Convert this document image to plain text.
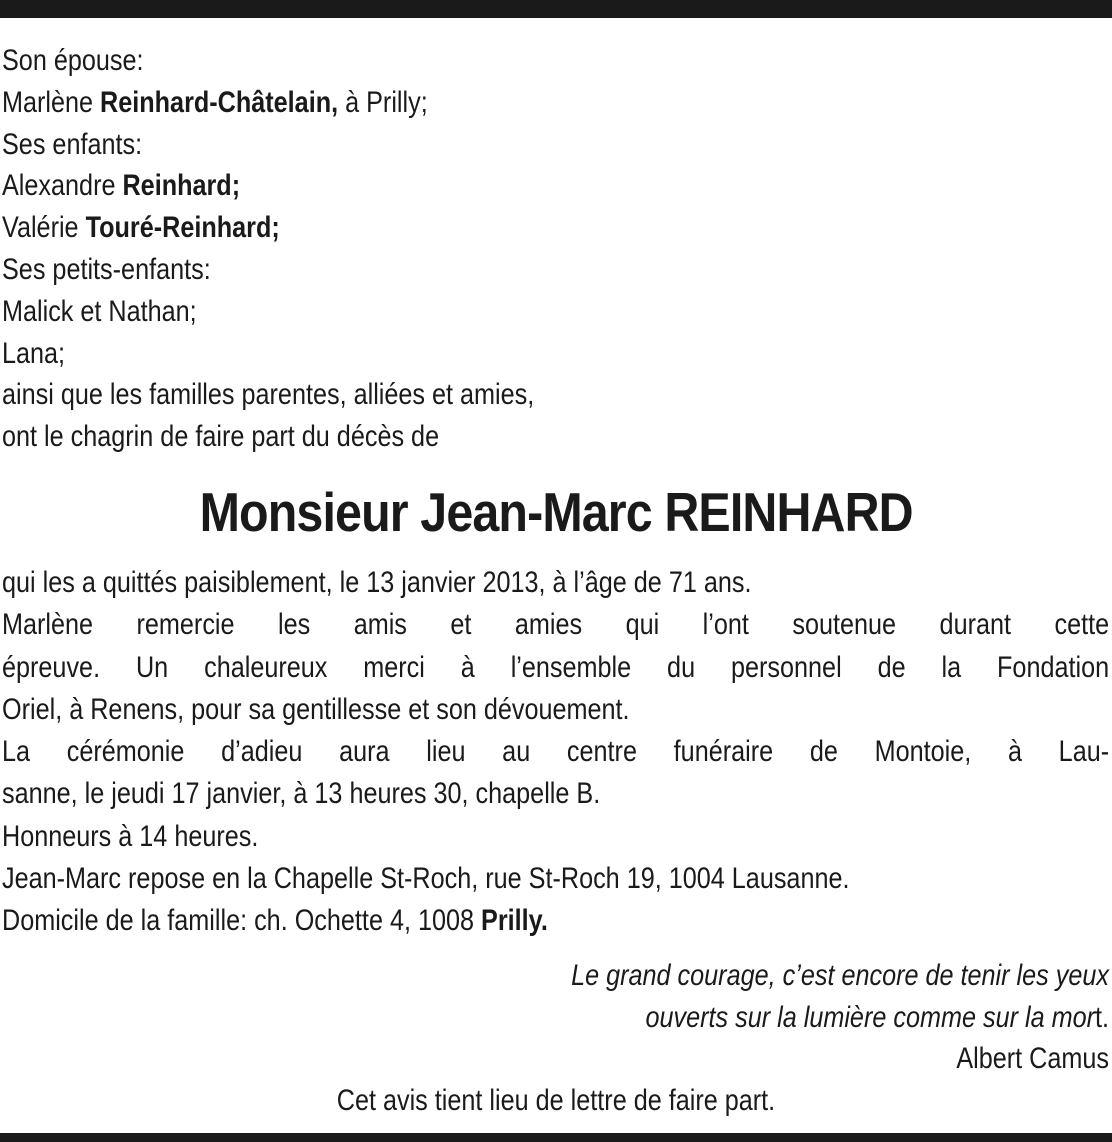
Son épouse:
Marlène Reinhard-Châtelain, à Prilly;
Ses enfants:
Alexandre Reinhard;
Valérie Touré-Reinhard;
Ses petits-enfants:
Malick et Nathan;
Lana;
ainsi que les familles parentes, alliées et amies,
ont le chagrin de faire part du décès de
Monsieur Jean-Marc REINHARD
qui les a quittés paisiblement, le 13 janvier 2013, à l’âge de 71 ans.
Marlène remercie les amis et amies qui l’ont soutenue durant cette
épreuve. Un chaleureux merci à l’ensemble du personnel de la Fondation
Oriel, à Renens, pour sa gentillesse et son dévouement.
La cérémonie d’adieu aura lieu au centre funéraire de Montoie, à Lau-
sanne, le jeudi 17 janvier, à 13 heures 30, chapelle B.
Honneurs à 14 heures.
Jean-Marc repose en la Chapelle St-Roch, rue St-Roch 19, 1004 Lausanne.
Domicile de la famille: ch. Ochette 4, 1008 Prilly.
Le grand courage, c’est encore de tenir les yeux
ouverts sur la lumière comme sur la mort.
Albert Camus
Cet avis tient lieu de lettre de faire part.
